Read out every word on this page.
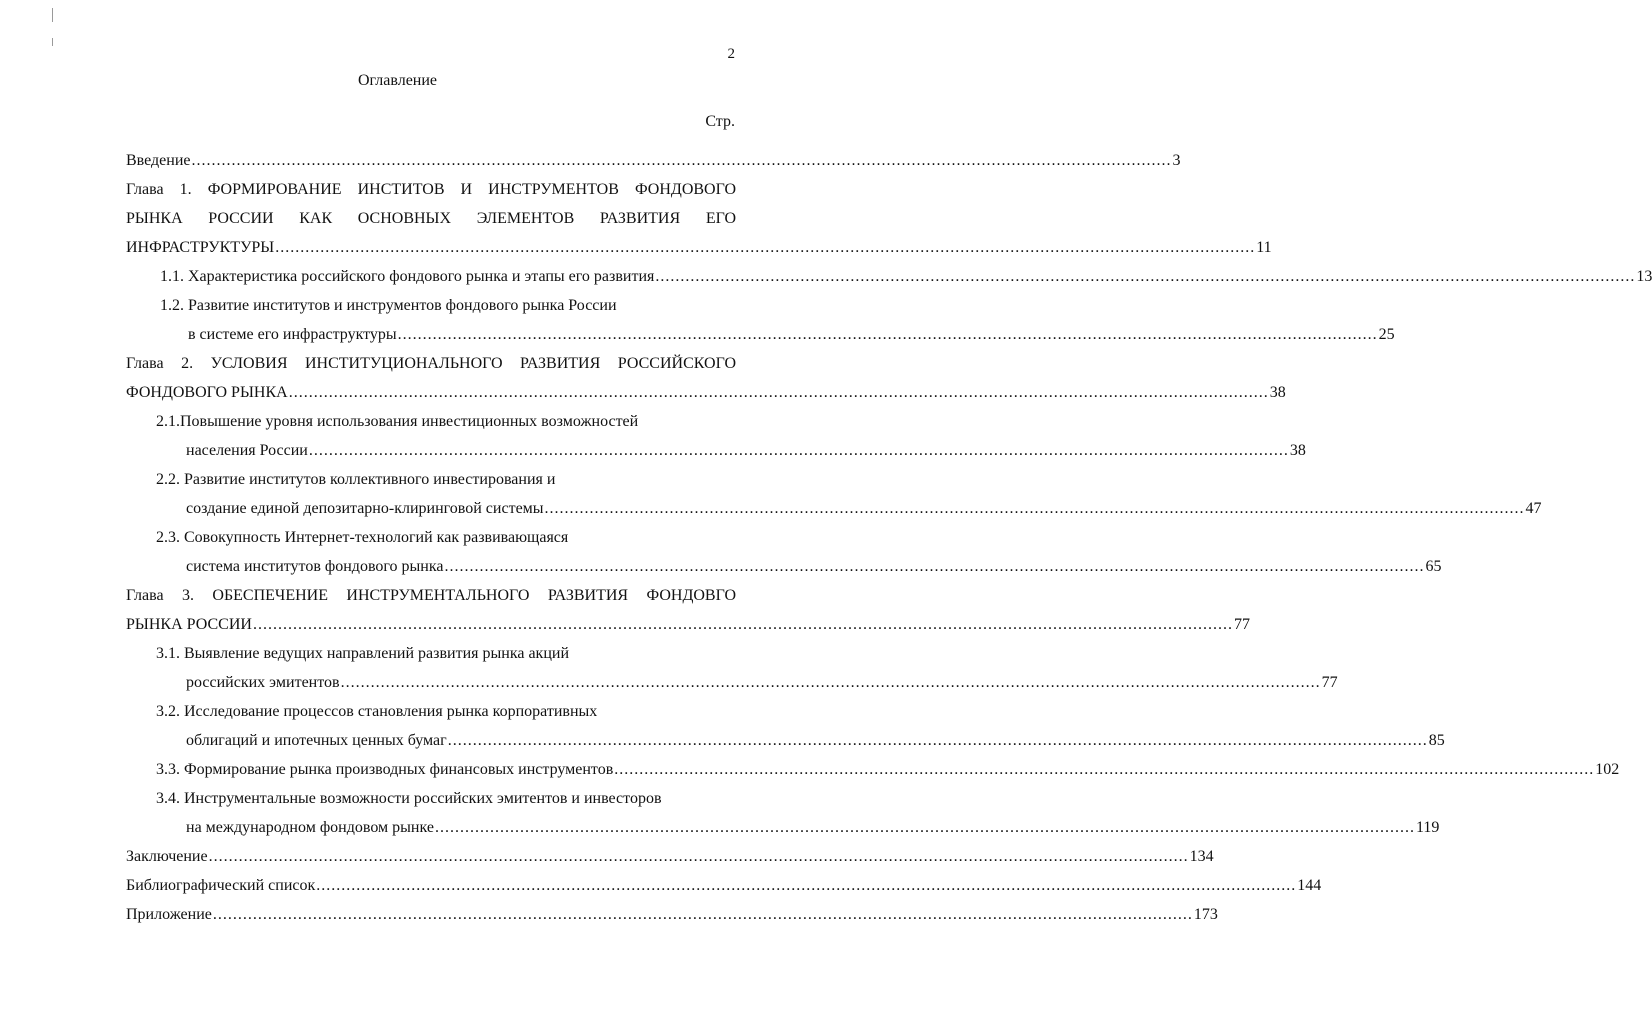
2
Оглавление
Стр.
Введение .................................................................................................................................................................................................... 3
Глава 1. ФОРМИРОВАНИЕ ИНСТИТОВ И ИНСТРУМЕНТОВ ФОНДОВОГО
РЫНКА РОССИИ КАК ОСНОВНЫХ ЭЛЕМЕНТОВ РАЗВИТИЯ ЕГО
ИНФРАСТРУКТУРЫ .................................................................................................................................................................................................... 11
1.1. Характеристика российского фондового рынка и этапы его развития .................................................................................................................................................................................................... 13
1.2. Развитие институтов и инструментов фондового рынка России
в системе его инфраструктуры .................................................................................................................................................................................................... 25
Глава 2. УСЛОВИЯ ИНСТИТУЦИОНАЛЬНОГО РАЗВИТИЯ РОССИЙСКОГО
ФОНДОВОГО РЫНКА .................................................................................................................................................................................................... 38
2.1.Повышение уровня использования инвестиционных возможностей
населения России .................................................................................................................................................................................................... 38
2.2. Развитие институтов коллективного инвестирования и
создание единой депозитарно-клиринговой системы .................................................................................................................................................................................................... 47
2.3. Совокупность Интернет-технологий как развивающаяся
система институтов фондового рынка .................................................................................................................................................................................................... 65
Глава 3. ОБЕСПЕЧЕНИЕ ИНСТРУМЕНТАЛЬНОГО РАЗВИТИЯ ФОНДОВГО
РЫНКА РОССИИ .................................................................................................................................................................................................... 77
3.1. Выявление ведущих направлений развития рынка акций
российских эмитентов .................................................................................................................................................................................................... 77
3.2. Исследование процессов становления рынка корпоративных
облигаций и ипотечных ценных бумаг .................................................................................................................................................................................................... 85
3.3. Формирование рынка производных финансовых инструментов .................................................................................................................................................................................................... 102
3.4. Инструментальные возможности российских эмитентов и инвесторов
на международном фондовом рынке .................................................................................................................................................................................................... 119
Заключение .................................................................................................................................................................................................... 134
Библиографический список .................................................................................................................................................................................................... 144
Приложение .................................................................................................................................................................................................... 173
